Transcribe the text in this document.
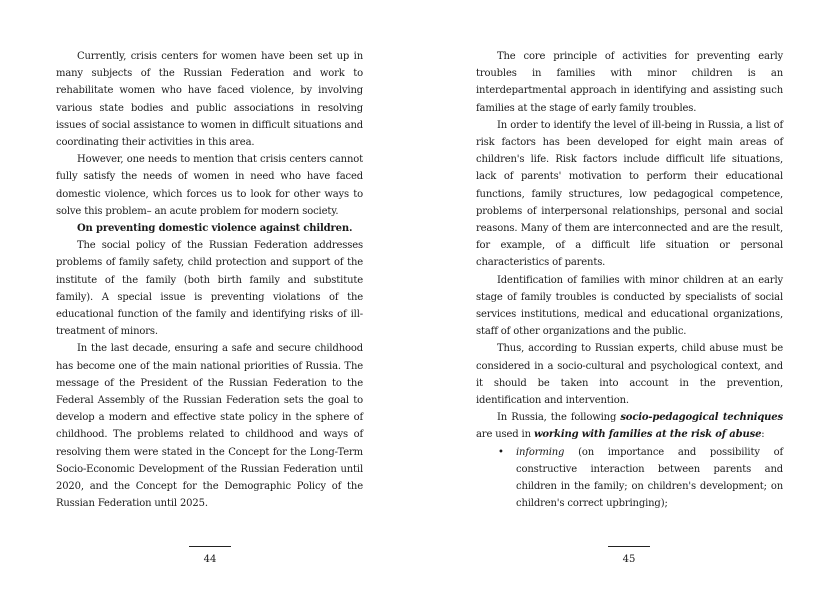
Currently, crisis centers for women have been set up in many subjects of the Russian Federation and work to rehabilitate women who have faced violence, by involving various state bodies and public associations in resolving issues of social assistance to women in difficult situations and coordinating their activities in this area.

However, one needs to mention that crisis centers cannot fully satisfy the needs of women in need who have faced domestic violence, which forces us to look for other ways to solve this problem– an acute problem for modern society.

On preventing domestic violence against children.

The social policy of the Russian Federation addresses problems of family safety, child protection and support of the institute of the family (both birth family and substitute family). A special issue is preventing violations of the educational function of the family and identifying risks of ill-treatment of minors.

In the last decade, ensuring a safe and secure childhood has become one of the main national priorities of Russia. The message of the President of the Russian Federation to the Federal Assembly of the Russian Federation sets the goal to develop a modern and effective state policy in the sphere of childhood. The problems related to childhood and ways of resolving them were stated in the Concept for the Long-Term Socio-Economic Development of the Russian Federation until 2020, and the Concept for the Demographic Policy of the Russian Federation until 2025.

44

The core principle of activities for preventing early troubles in families with minor children is an interdepartmental approach in identifying and assisting such families at the stage of early family troubles.

In order to identify the level of ill-being in Russia, a list of risk factors has been developed for eight main areas of children's life. Risk factors include difficult life situations, lack of parents' motivation to perform their educational functions, family structures, low pedagogical competence, problems of interpersonal relationships, personal and social reasons. Many of them are interconnected and are the result, for example, of a difficult life situation or personal characteristics of parents.

Identification of families with minor children at an early stage of family troubles is conducted by specialists of social services institutions, medical and educational organizations, staff of other organizations and the public.

Thus, according to Russian experts, child abuse must be considered in a socio-cultural and psychological context, and it should be taken into account in the prevention, identification and intervention.

In Russia, the following socio-pedagogical techniques are used in working with families at the risk of abuse:

• informing (on importance and possibility of constructive interaction between parents and children in the family; on children's development; on children's correct upbringing);
45
